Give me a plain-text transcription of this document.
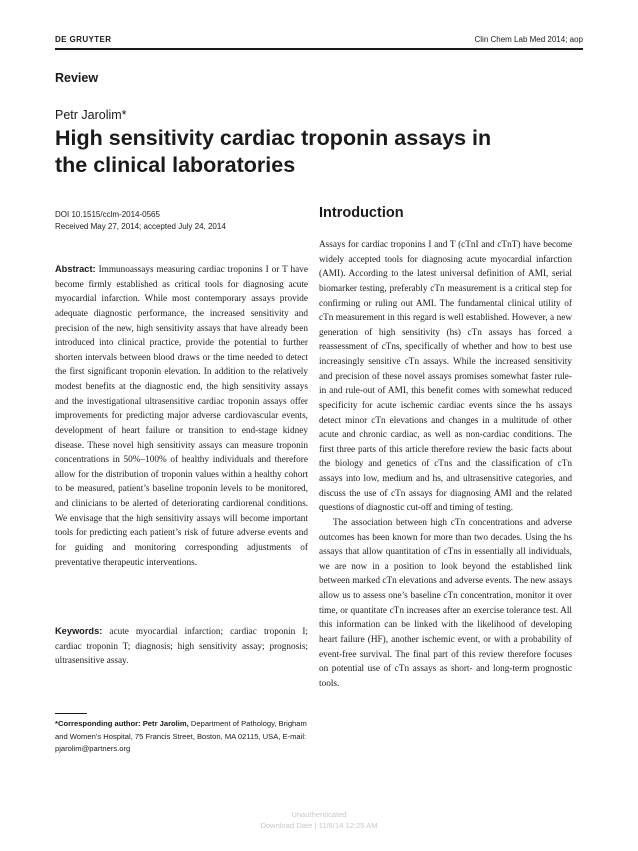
DE GRUYTER	Clin Chem Lab Med 2014; aop
Review
Petr Jarolim*
High sensitivity cardiac troponin assays in the clinical laboratories
DOI 10.1515/cclm-2014-0565
Received May 27, 2014; accepted July 24, 2014

Abstract: Immunoassays measuring cardiac troponins I or T have become firmly established as critical tools for diagnosing acute myocardial infarction. While most contemporary assays provide adequate diagnostic performance, the increased sensitivity and precision of the new, high sensitivity assays that have already been introduced into clinical practice, provide the potential to further shorten intervals between blood draws or the time needed to detect the first significant troponin elevation. In addition to the relatively modest benefits at the diagnostic end, the high sensitivity assays and the investigational ultrasensitive cardiac troponin assays offer improvements for predicting major adverse cardiovascular events, development of heart failure or transition to end-stage kidney disease. These novel high sensitivity assays can measure troponin concentrations in 50%–100% of healthy individuals and therefore allow for the distribution of troponin values within a healthy cohort to be measured, patient’s baseline troponin levels to be monitored, and clinicians to be alerted of deteriorating cardiorenal conditions. We envisage that the high sensitivity assays will become important tools for predicting each patient’s risk of future adverse events and for guiding and monitoring corresponding adjustments of preventative therapeutic interventions.

Keywords: acute myocardial infarction; cardiac troponin I; cardiac troponin T; diagnosis; high sensitivity assay; prognosis; ultrasensitive assay.

*Corresponding author: Petr Jarolim, Department of Pathology, Brigham and Women’s Hospital, 75 Francis Street, Boston, MA 02115, USA, E-mail: pjarolim@partners.org

Introduction

Assays for cardiac troponins I and T (cTnI and cTnT) have become widely accepted tools for diagnosing acute myocardial infarction (AMI). According to the latest universal definition of AMI, serial biomarker testing, preferably cTn measurement is a critical step for confirming or ruling out AMI. The fundamental clinical utility of cTn measurement in this regard is well established. However, a new generation of high sensitivity (hs) cTn assays has forced a reassessment of cTns, specifically of whether and how to best use increasingly sensitive cTn assays. While the increased sensitivity and precision of these novel assays promises somewhat faster rule-in and rule-out of AMI, this benefit comes with somewhat reduced specificity for acute ischemic cardiac events since the hs assays detect minor cTn elevations and changes in a multitude of other acute and chronic cardiac, as well as non-cardiac conditions. The first three parts of this article therefore review the basic facts about the biology and genetics of cTns and the classification of cTn assays into low, medium and hs, and ultrasensitive categories, and discuss the use of cTn assays for diagnosing AMI and the related questions of diagnostic cut-off and timing of testing.

The association between high cTn concentrations and adverse outcomes has been known for more than two decades. Using the hs assays that allow quantitation of cTns in essentially all individuals, we are now in a position to look beyond the established link between marked cTn elevations and adverse events. The new assays allow us to assess one’s baseline cTn concentration, monitor it over time, or quantitate cTn increases after an exercise tolerance test. All this information can be linked with the likelihood of developing heart failure (HF), another ischemic event, or with a probability of event-free survival. The final part of this review therefore focuses on potential use of cTn assays as short- and long-term prognostic tools.

Unauthenticated
Download Date | 11/6/14 12:25 AM
